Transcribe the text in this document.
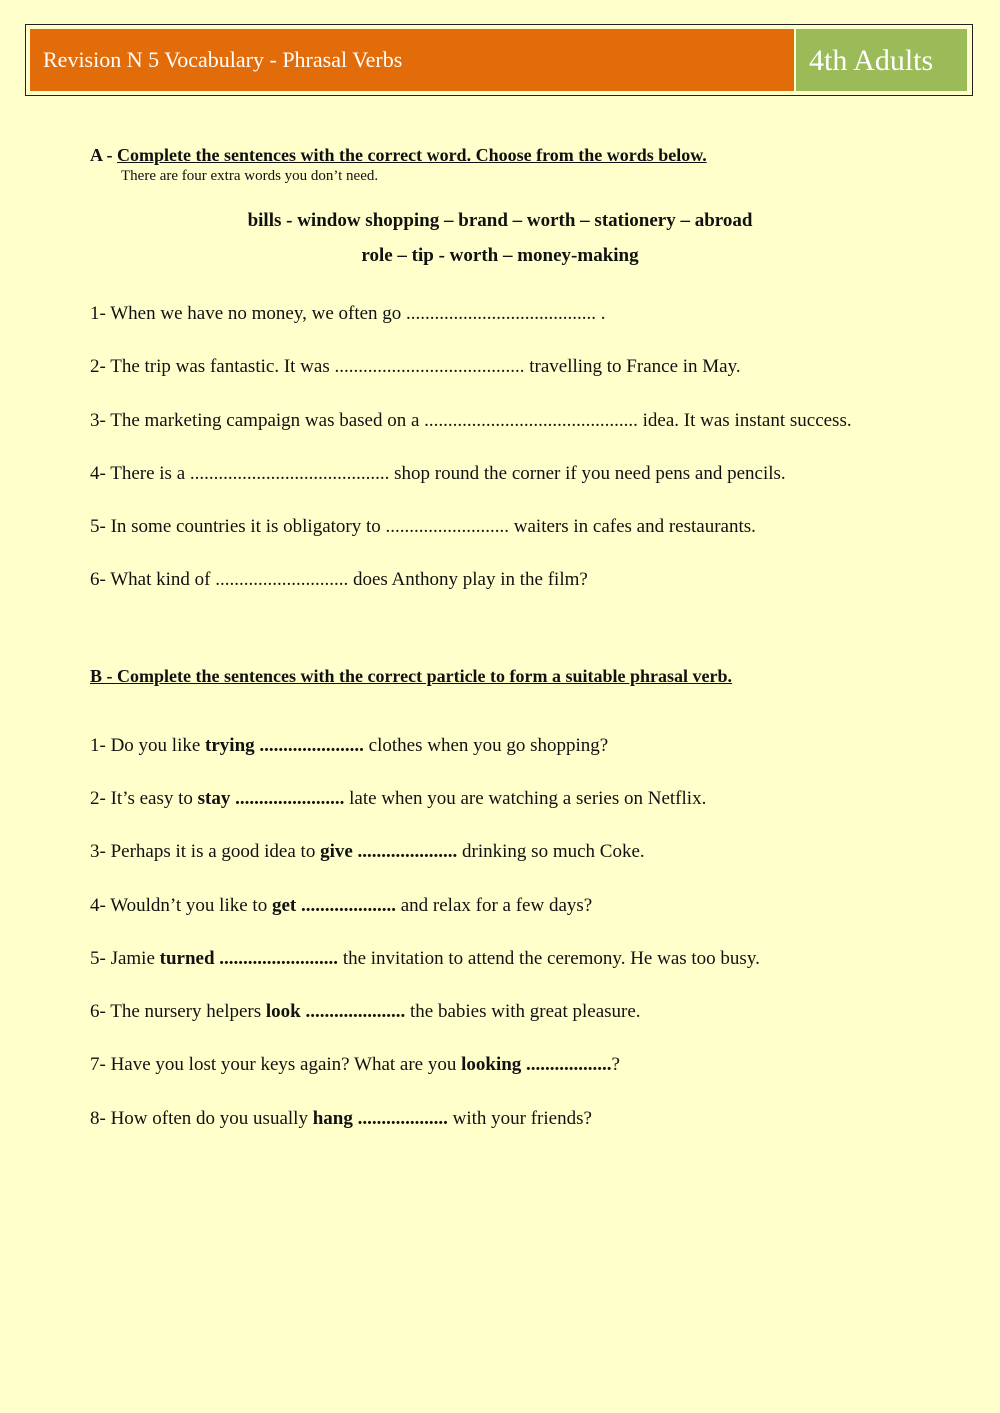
Revision N 5 Vocabulary - Phrasal Verbs	4th Adults
A - Complete the sentences with the correct word. Choose from the words below.
There are four extra words you don’t need.
bills - window shopping – brand – worth – stationery – abroad
role – tip - worth – money-making
1- When we have no money, we often go ........................................ .
2- The trip was fantastic. It was ........................................ travelling to France in May.
3- The marketing campaign was based on a ............................................. idea. It was instant success.
4- There is a .......................................... shop round the corner if you need pens and pencils.
5- In some countries it is obligatory to .......................... waiters in cafes and restaurants.
6- What kind of ............................ does Anthony play in the film?
B - Complete the sentences with the correct particle to form a suitable phrasal verb.
1- Do you like trying ...................... clothes when you go shopping?
2- It’s easy to stay ....................... late when you are watching a series on Netflix.
3- Perhaps it is a good idea to give ..................... drinking so much Coke.
4- Wouldn’t you like to get .................... and relax for a few days?
5- Jamie turned ......................... the invitation to attend the ceremony. He was too busy.
6- The nursery helpers look ..................... the babies with great pleasure.
7- Have you lost your keys again? What are you looking ..................?
8- How often do you usually hang ................... with your friends?
